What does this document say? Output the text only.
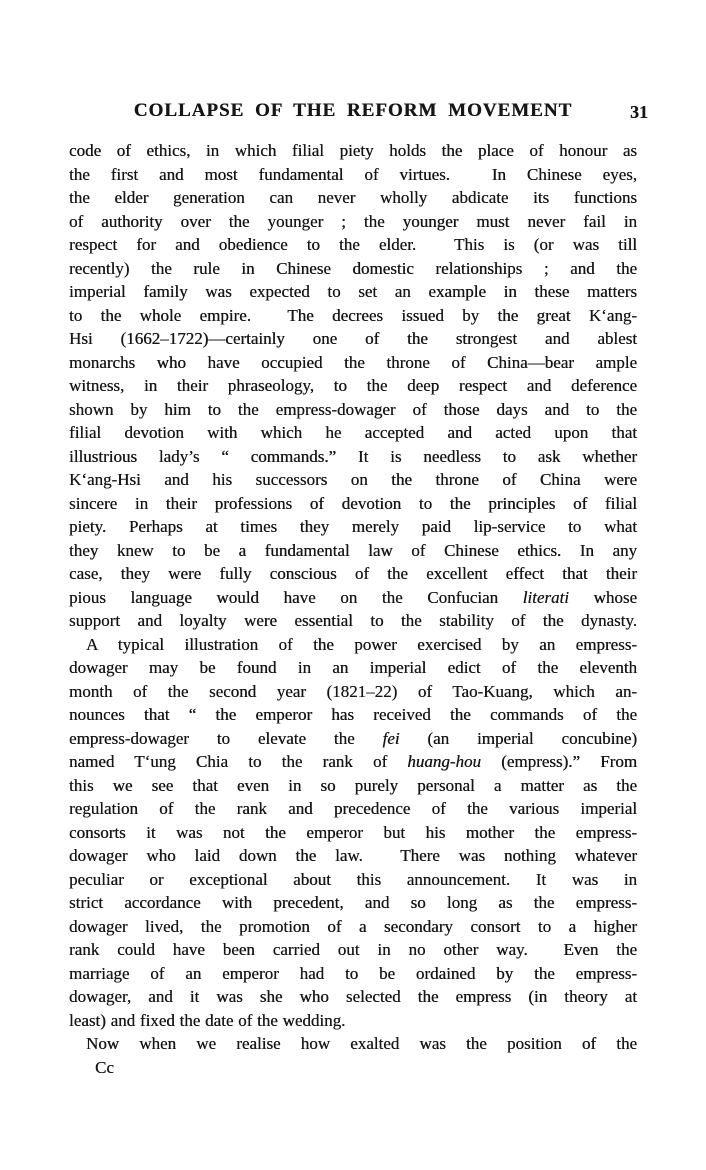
COLLAPSE OF THE REFORM MOVEMENT	31
code of ethics, in which filial piety holds the place of honour as
the first and most fundamental of virtues.  In Chinese eyes,
the elder generation can never wholly abdicate its functions
of authority over the younger ; the younger must never fail in
respect for and obedience to the elder.  This is (or was till
recently) the rule in Chinese domestic relationships ; and the
imperial family was expected to set an example in these matters
to the whole empire.  The decrees issued by the great K‘ang-
Hsi (1662–1722)—certainly one of the strongest and ablest
monarchs who have occupied the throne of China—bear ample
witness, in their phraseology, to the deep respect and deference
shown by him to the empress-dowager of those days and to the
filial devotion with which he accepted and acted upon that
illustrious lady’s “ commands.” It is needless to ask whether
K‘ang-Hsi and his successors on the throne of China were
sincere in their professions of devotion to the principles of filial
piety. Perhaps at times they merely paid lip-service to what
they knew to be a fundamental law of Chinese ethics. In any
case, they were fully conscious of the excellent effect that their
pious language would have on the Confucian literati whose
support and loyalty were essential to the stability of the dynasty.
A typical illustration of the power exercised by an empress-
dowager may be found in an imperial edict of the eleventh
month of the second year (1821–22) of Tao-Kuang, which an-
nounces that “ the emperor has received the commands of the
empress-dowager to elevate the fei (an imperial concubine)
named T‘ung Chia to the rank of huang-hou (empress).” From
this we see that even in so purely personal a matter as the
regulation of the rank and precedence of the various imperial
consorts it was not the emperor but his mother the empress-
dowager who laid down the law.  There was nothing whatever
peculiar or exceptional about this announcement. It was in
strict accordance with precedent, and so long as the empress-
dowager lived, the promotion of a secondary consort to a higher
rank could have been carried out in no other way.  Even the
marriage of an emperor had to be ordained by the empress-
dowager, and it was she who selected the empress (in theory at
least) and fixed the date of the wedding.
Now when we realise how exalted was the position of the
Cc
